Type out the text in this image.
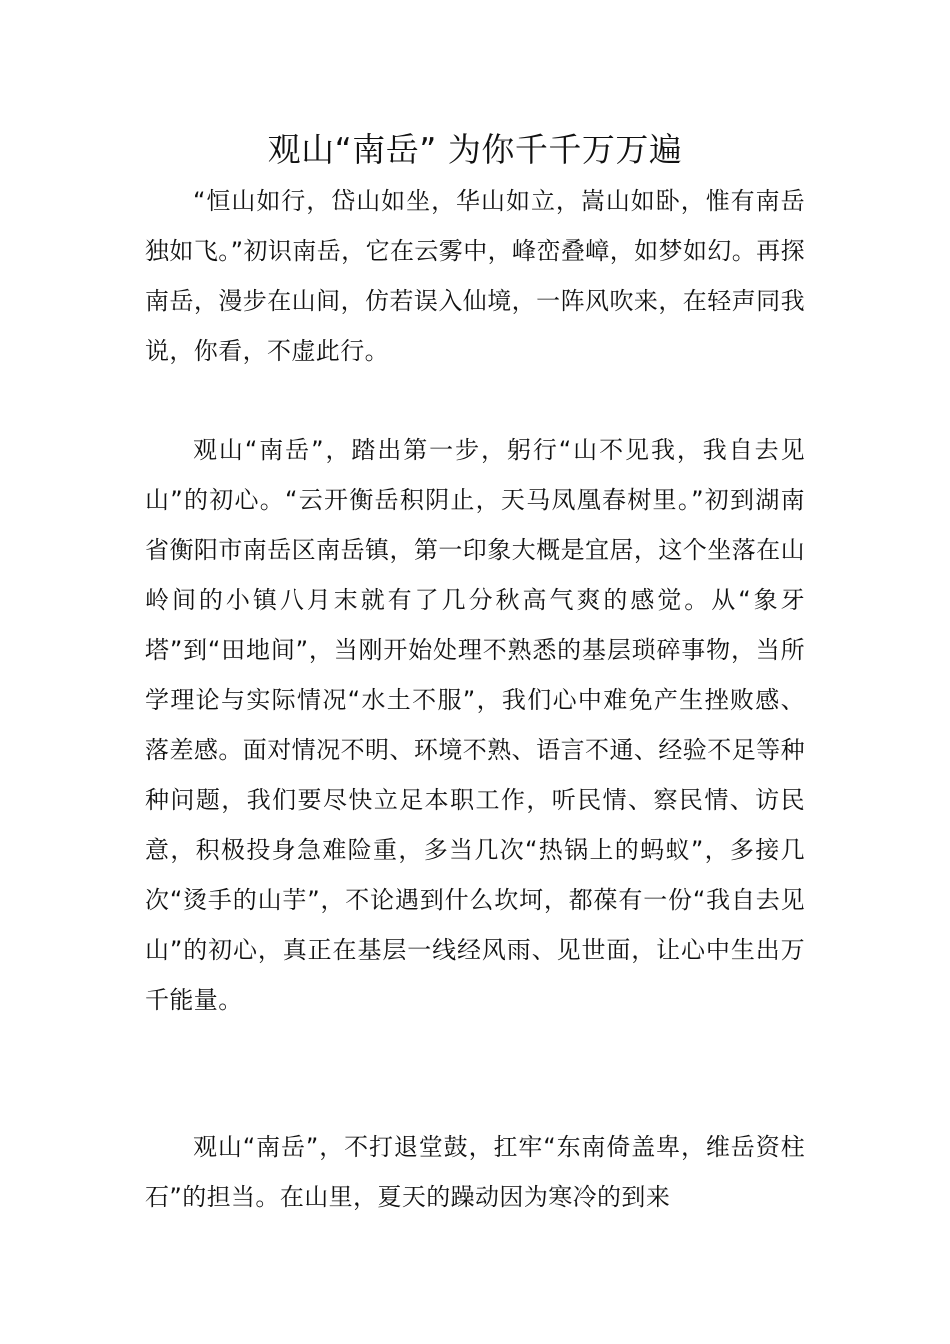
观山“南岳” 为你千千万万遍

“恒山如行，岱山如坐，华山如立，嵩山如卧，惟有南岳独如飞。”初识南岳，它在云雾中，峰峦叠嶂，如梦如幻。再探南岳，漫步在山间，仿若误入仙境，一阵风吹来，在轻声同我说，你看，不虚此行。

观山“南岳”，踏出第一步，躬行“山不见我，我自去见山”的初心。“云开衡岳积阴止，天马凤凰春树里。”初到湖南省衡阳市南岳区南岳镇，第一印象大概是宜居，这个坐落在山岭间的小镇八月末就有了几分秋高气爽的感觉。从“象牙塔”到“田地间”，当刚开始处理不熟悉的基层琐碎事物，当所学理论与实际情况“水土不服”，我们心中难免产生挫败感、落差感。面对情况不明、环境不熟、语言不通、经验不足等种种问题，我们要尽快立足本职工作，听民情、察民情、访民意，积极投身急难险重，多当几次“热锅上的蚂蚁”，多接几次“烫手的山芋”，不论遇到什么坎坷，都葆有一份“我自去见山”的初心，真正在基层一线经风雨、见世面，让心中生出万千能量。

观山“南岳”，不打退堂鼓，扛牢“东南倚盖卑，维岳资柱石”的担当。在山里，夏天的躁动因为寒冷的到来
